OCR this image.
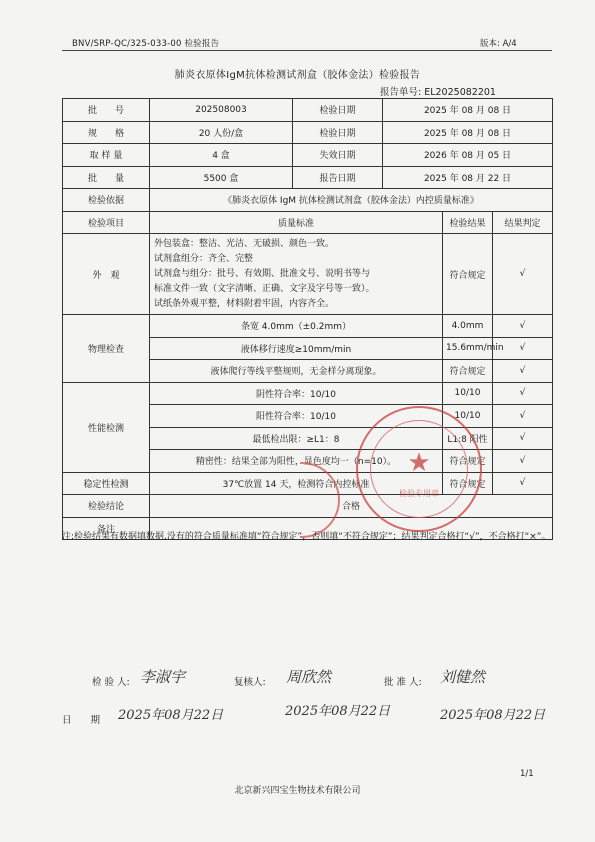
BNV/SRP-QC/325-033-00 检验报告	版本: A/4
肺炎衣原体IgM抗体检测试剂盒（胶体金法）检验报告
报告单号: EL2025082201
批　　号	202508003	检验日期	2025 年 08 月 08 日		
规　　格	20 人份/盒	检验日期	2025 年 08 月 08 日		
取 样 量	4 盒	失效日期	2026 年 08 月 05 日		
批　　量	5500 盒	报告日期	2025 年 08 月 22 日		
检验依据	《肺炎衣原体 IgM 抗体检测试剂盒（胶体金法）内控质量标准》				
检验项目	质量标准			检验结果	结果判定
外　观	外包装盒：整洁、光洁、无破损、颜色一致。
试剂盒组分：齐全、完整
试剂盒与组分：批号、有效期、批准文号、说明书等与
标准文件一致（文字清晰、正确、文字及字号等一致）。
试纸条外观平整，材料附着牢固，内容齐全。			符合规定	√
物理检查	条宽 4.0mm（±0.2mm）			4.0mm	√
	液体移行速度≥10mm/min			15.6mm/min	√
	液体爬行等线平整规则，无金样分离现象。			符合规定	√
性能检测	阴性符合率：10/10			10/10	√
	阳性符合率：10/10			10/10	√
	最低检出限：≥L1：8			L1:8 阳性	√
	精密性：结果全部为阳性，显色度均一（n=10）。			符合规定	√
稳定性检测	37℃放置 14 天，检测符合内控标准			符合规定	√
检验结论	合格				
备注					
★
检验专用章
注:检验结果有数据填数据,没有的符合质量标准填“符合规定”，否则填“不符合规定”；结果判定合格打“√”，不合格打“×”。
检 验 人: 李淑宇	复核人: 周欣然	批 准 人: 刘健然
日　　期 2025年08月22日	2025年08月22日	2025年08月22日
1/1
北京新兴四宝生物技术有限公司
